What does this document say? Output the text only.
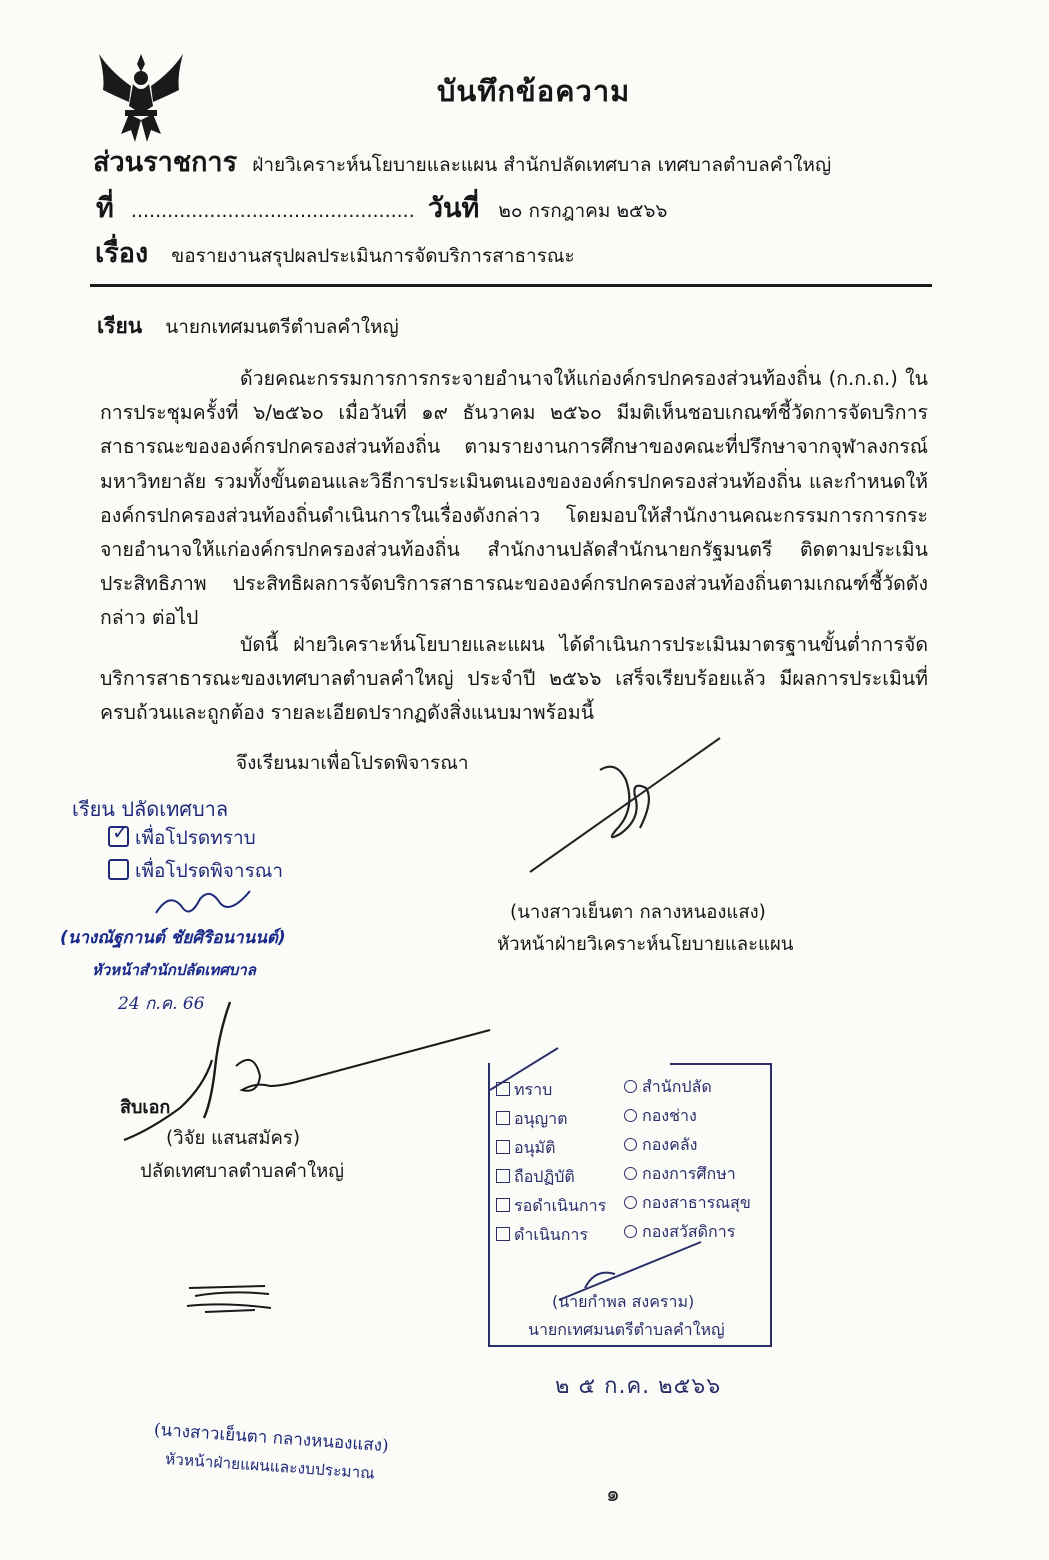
บันทึกข้อความ
ส่วนราชการ ฝ่ายวิเคราะห์นโยบายและแผน สำนักปลัดเทศบาล เทศบาลตำบลคำใหญ่
ที่ ............................................... วันที่ ๒๐ กรกฎาคม ๒๕๖๖
เรื่อง ขอรายงานสรุปผลประเมินการจัดบริการสาธารณะ
เรียน นายกเทศมนตรีตำบลคำใหญ่
ด้วยคณะกรรมการการกระจายอำนาจให้แก่องค์กรปกครองส่วนท้องถิ่น (ก.ก.ถ.) ในการประชุมครั้งที่ ๖/๒๕๖๐ เมื่อวันที่ ๑๙ ธันวาคม ๒๕๖๐ มีมติเห็นชอบเกณฑ์ชี้วัดการจัดบริการสาธารณะขององค์กรปกครองส่วนท้องถิ่น ตามรายงานการศึกษาของคณะที่ปรึกษาจากจุฬาลงกรณ์มหาวิทยาลัย รวมทั้งขั้นตอนและวิธีการประเมินตนเองขององค์กรปกครองส่วนท้องถิ่น และกำหนดให้องค์กรปกครองส่วนท้องถิ่นดำเนินการในเรื่องดังกล่าว โดยมอบให้สำนักงานคณะกรรมการการกระจายอำนาจให้แก่องค์กรปกครองส่วนท้องถิ่น สำนักงานปลัดสำนักนายกรัฐมนตรี ติดตามประเมินประสิทธิภาพ ประสิทธิผลการจัดบริการสาธารณะขององค์กรปกครองส่วนท้องถิ่นตามเกณฑ์ชี้วัดดังกล่าว ต่อไป
บัดนี้ ฝ่ายวิเคราะห์นโยบายและแผน ได้ดำเนินการประเมินมาตรฐานขั้นต่ำการจัดบริการสาธารณะของเทศบาลตำบลคำใหญ่ ประจำปี ๒๕๖๖ เสร็จเรียบร้อยแล้ว มีผลการประเมินที่ครบถ้วนและถูกต้อง รายละเอียดปรากฏดังสิ่งแนบมาพร้อมนี้
จึงเรียนมาเพื่อโปรดพิจารณา
(นางสาวเย็นตา กลางหนองแสง)
หัวหน้าฝ่ายวิเคราะห์นโยบายและแผน
เรียน ปลัดเทศบาล
✓ เพื่อโปรดทราบ
เพื่อโปรดพิจารณา
(นางณัฐกานต์ ชัยศิริอนานนต์)
หัวหน้าสำนักปลัดเทศบาล
24 ก.ค. 66
สิบเอก
(วิจัย แสนสมัคร)
ปลัดเทศบาลตำบลคำใหญ่
ทราบ
อนุญาต
อนุมัติ
ถือปฏิบัติ
รอดำเนินการ
ดำเนินการ
สำนักปลัด
กองช่าง
กองคลัง
กองการศึกษา
กองสาธารณสุข
กองสวัสดิการ
(นายกำพล สงคราม)
นายกเทศมนตรีตำบลคำใหญ่
๒ ๕ ก.ค. ๒๕๖๖
(นางสาวเย็นตา กลางหนองแสง)
หัวหน้าฝ่ายแผนและงบประมาณ
๑
